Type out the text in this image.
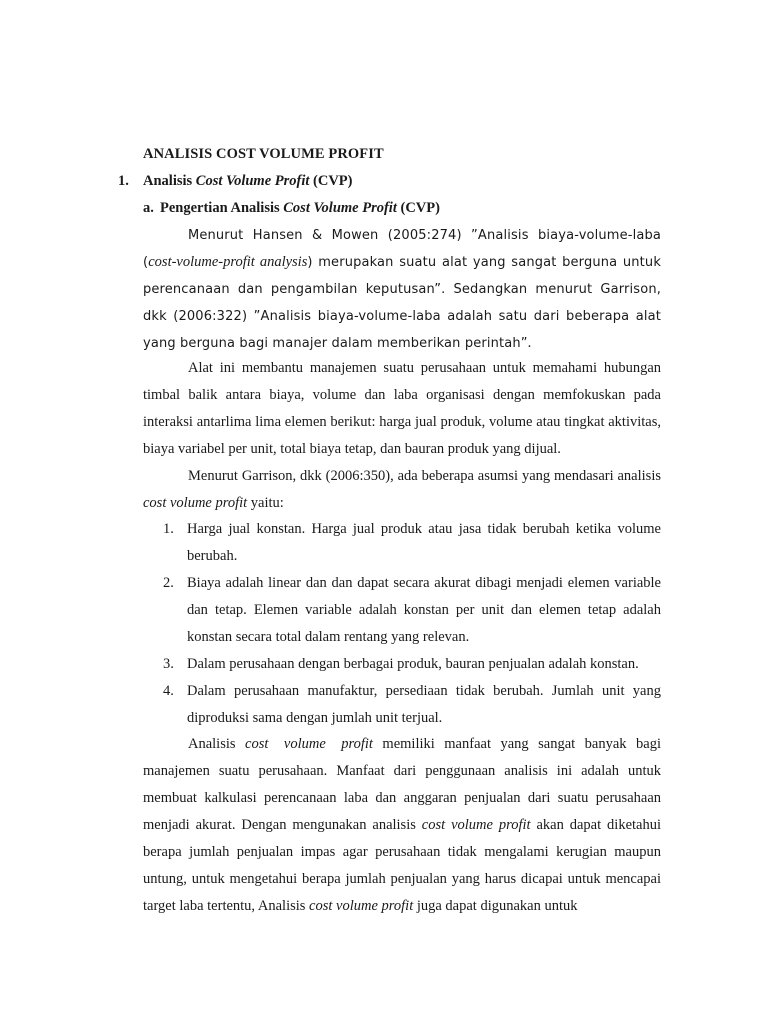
ANALISIS COST VOLUME PROFIT
1. Analisis Cost Volume Profit (CVP)
a. Pengertian Analisis Cost Volume Profit (CVP)

Menurut Hansen & Mowen (2005:274) ”Analisis biaya-volume-laba (cost-volume-profit analysis) merupakan suatu alat yang sangat berguna untuk perencanaan dan pengambilan keputusan”. Sedangkan menurut Garrison, dkk (2006:322) ”Analisis biaya-volume-laba adalah satu dari beberapa alat yang berguna bagi manajer dalam memberikan perintah”.

Alat ini membantu manajemen suatu perusahaan untuk memahami hubungan timbal balik antara biaya, volume dan laba organisasi dengan memfokuskan pada interaksi antarlima lima elemen berikut: harga jual produk, volume atau tingkat aktivitas, biaya variabel per unit, total biaya tetap, dan bauran produk yang dijual.

Menurut Garrison, dkk (2006:350), ada beberapa asumsi yang mendasari analisis cost volume profit yaitu:

1. Harga jual konstan. Harga jual produk atau jasa tidak berubah ketika volume berubah.
2. Biaya adalah linear dan dan dapat secara akurat dibagi menjadi elemen variable dan tetap. Elemen variable adalah konstan per unit dan elemen tetap adalah konstan secara total dalam rentang yang relevan.
3. Dalam perusahaan dengan berbagai produk, bauran penjualan adalah konstan.
4. Dalam perusahaan manufaktur, persediaan tidak berubah. Jumlah unit yang diproduksi sama dengan jumlah unit terjual.

Analisis cost volume profit memiliki manfaat yang sangat banyak bagi manajemen suatu perusahaan. Manfaat dari penggunaan analisis ini adalah untuk membuat kalkulasi perencanaan laba dan anggaran penjualan dari suatu perusahaan menjadi akurat. Dengan mengunakan analisis cost volume profit akan dapat diketahui berapa jumlah penjualan impas agar perusahaan tidak mengalami kerugian maupun untung, untuk mengetahui berapa jumlah penjualan yang harus dicapai untuk mencapai target laba tertentu, Analisis cost volume profit juga dapat digunakan untuk
